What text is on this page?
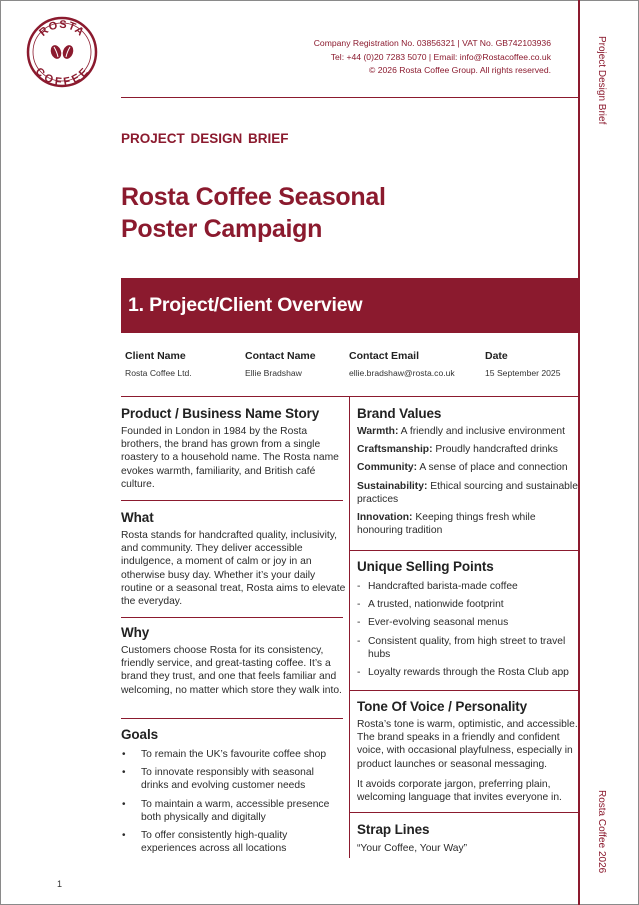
Project Design Brief
Rosta Coffee 2026
ROSTA
COFFEE
Company Registration No. 03856321 | VAT No. GB742103936
Tel: +44 (0)20 7283 5070 | Email: info@Rostacoffee.co.uk
© 2026 Rosta Coffee Group. All rights reserved.
PROJECT DESIGN BRIEF
Rosta Coffee Seasonal
Poster Campaign
1. Project/Client Overview
Client Name
Rosta Coffee Ltd.
Contact Name
Ellie Bradshaw
Contact Email
ellie.bradshaw@rosta.co.uk
Date
15 September 2025
Product / Business Name Story

Founded in London in 1984 by the Rosta brothers, the brand has grown from a single roastery to a household name. The Rosta name evokes warmth, familiarity, and British café culture.

What

Rosta stands for handcrafted quality, inclusivity, and community. They deliver accessible indulgence, a moment of calm or joy in an otherwise busy day. Whether it’s your daily routine or a seasonal treat, Rosta aims to elevate the everyday.

Why

Customers choose Rosta for its consistency, friendly service, and great-tasting coffee. It’s a brand they trust, and one that feels familiar and welcoming, no matter which store they walk into.

Goals
• To remain the UK’s favourite coffee shop
• To innovate responsibly with seasonal drinks and evolving customer needs
• To maintain a warm, accessible presence both physically and digitally
• To offer consistently high-quality experiences across all locations
Brand Values

Warmth: A friendly and inclusive environment

Craftsmanship: Proudly handcrafted drinks

Community: A sense of place and connection

Sustainability: Ethical sourcing and sustainable practices

Innovation: Keeping things fresh while honouring tradition

Unique Selling Points
- Handcrafted barista-made coffee
- A trusted, nationwide footprint
- Ever-evolving seasonal menus
- Consistent quality, from high street to travel hubs
- Loyalty rewards through the Rosta Club app
Tone Of Voice / Personality

Rosta’s tone is warm, optimistic, and accessible. The brand speaks in a friendly and confident voice, with occasional playfulness, especially in product launches or seasonal messaging.

It avoids corporate jargon, preferring plain, welcoming language that invites everyone in.

Strap Lines

“Your Coffee, Your Way”

1
